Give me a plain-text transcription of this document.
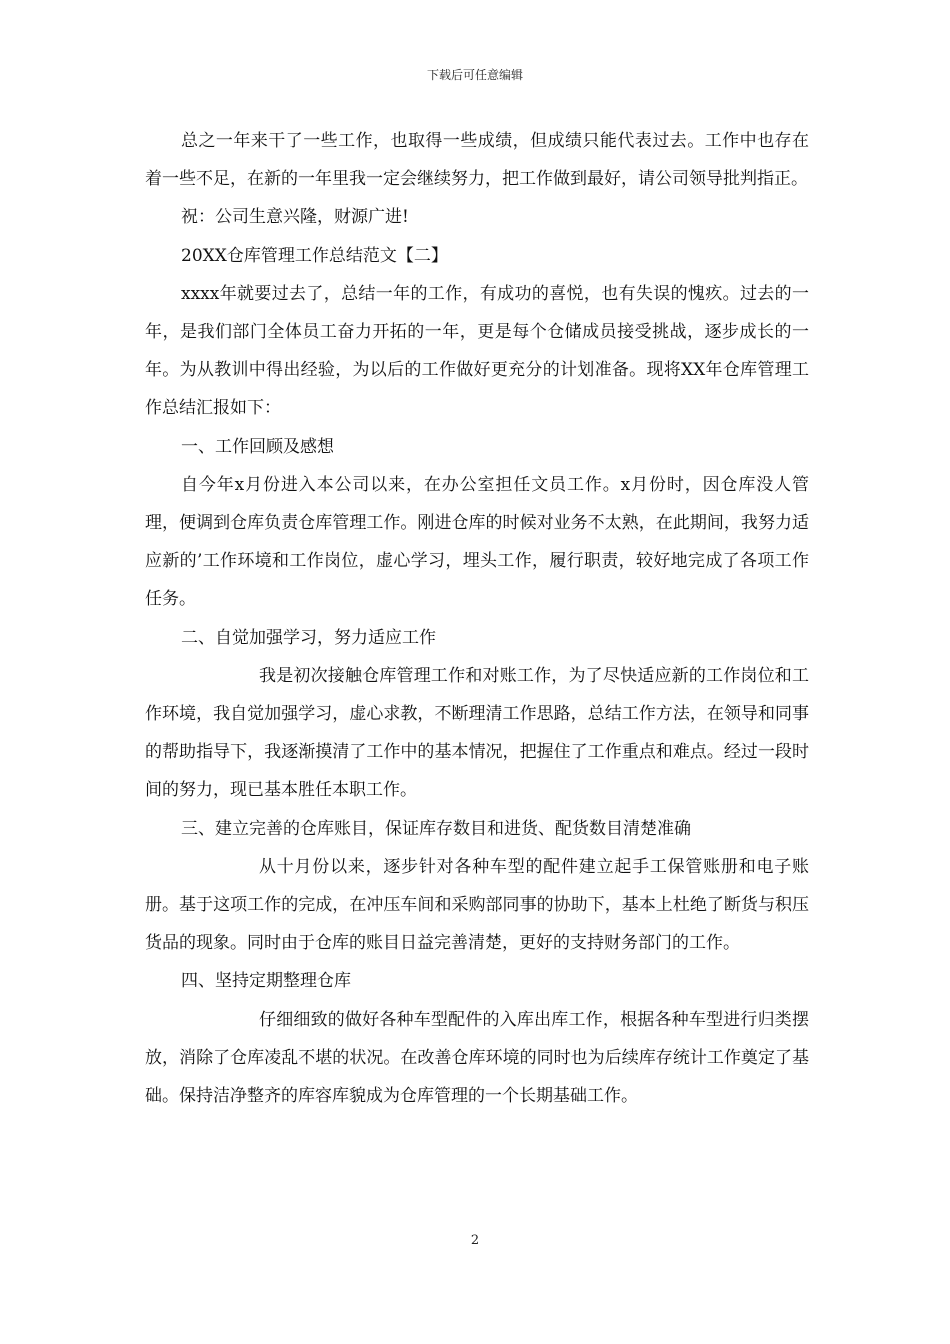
下载后可任意编辑

总之一年来干了一些工作，也取得一些成绩，但成绩只能代表过去。工作中也存在着一些不足，在新的一年里我一定会继续努力，把工作做到最好，请公司领导批判指正。

祝：公司生意兴隆，财源广进!

20XX仓库管理工作总结范文【二】

xxxx年就要过去了，总结一年的工作，有成功的喜悦，也有失误的愧疚。过去的一年，是我们部门全体员工奋力开拓的一年，更是每个仓储成员接受挑战，逐步成长的一年。为从教训中得出经验，为以后的工作做好更充分的计划准备。现将XX年仓库管理工作总结汇报如下：

一、工作回顾及感想

自今年x月份进入本公司以来，在办公室担任文员工作。x月份时，因仓库没人管理，便调到仓库负责仓库管理工作。刚进仓库的时候对业务不太熟，在此期间，我努力适应新的’工作环境和工作岗位，虚心学习，埋头工作，履行职责，较好地完成了各项工作任务。

二、自觉加强学习，努力适应工作

我是初次接触仓库管理工作和对账工作，为了尽快适应新的工作岗位和工作环境，我自觉加强学习，虚心求教，不断理清工作思路，总结工作方法，在领导和同事的帮助指导下，我逐渐摸清了工作中的基本情况，把握住了工作重点和难点。经过一段时间的努力，现已基本胜任本职工作。

三、建立完善的仓库账目，保证库存数目和进货、配货数目清楚准确

从十月份以来，逐步针对各种车型的配件建立起手工保管账册和电子账册。基于这项工作的完成，在冲压车间和采购部同事的协助下，基本上杜绝了断货与积压货品的现象。同时由于仓库的账目日益完善清楚，更好的支持财务部门的工作。

四、坚持定期整理仓库

仔细细致的做好各种车型配件的入库出库工作，根据各种车型进行归类摆放，消除了仓库凌乱不堪的状况。在改善仓库环境的同时也为后续库存统计工作奠定了基础。保持洁净整齐的库容库貌成为仓库管理的一个长期基础工作。

2
